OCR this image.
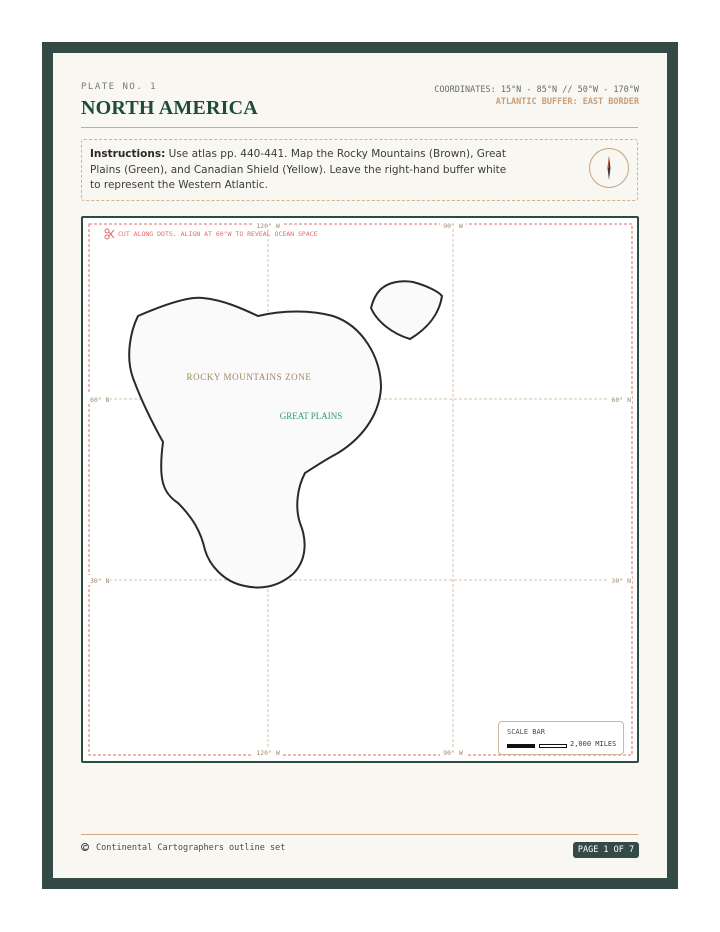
PLATE NO. 1
NORTH AMERICA
COORDINATES: 15°N - 85°N // 50°W - 170°W
ATLANTIC BUFFER: EAST BORDER
Instructions: Use atlas pp. 440-441. Map the Rocky Mountains (Brown), Great Plains (Green), and Canadian Shield (Yellow). Leave the right-hand buffer white to represent the Western Atlantic.
CUT ALONG DOTS. ALIGN AT 60°W TO REVEAL OCEAN SPACE
120° W	90° W
120° W	90° W
60° N
30° N
60° N
30° N
ROCKY MOUNTAINS ZONE
GREAT PLAINS
SCALE BAR
2,000 MILES
Continental Cartographers outline set	PAGE 1 OF 7
